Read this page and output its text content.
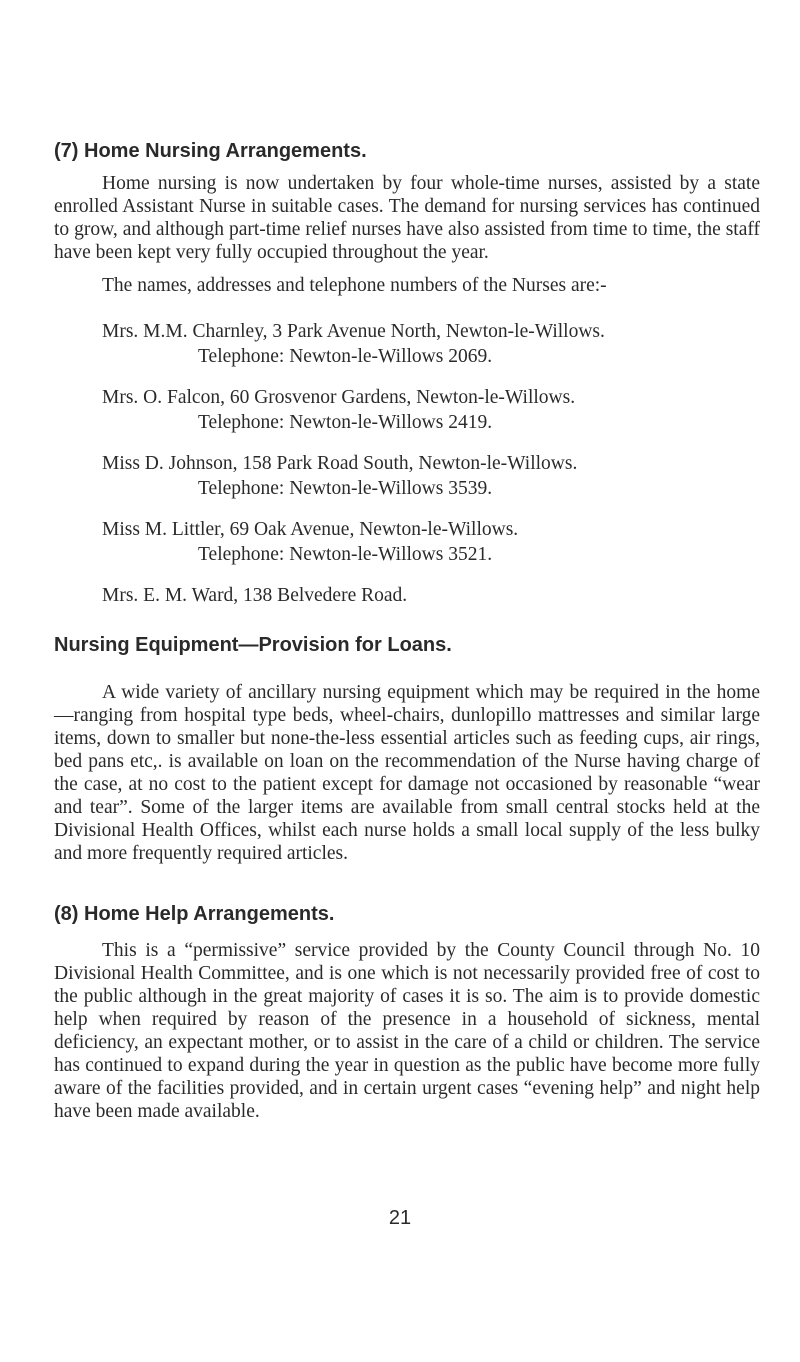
(7) Home Nursing Arrangements.

Home nursing is now undertaken by four whole-time nurses, assisted by a state enrolled Assistant Nurse in suitable cases. The demand for nursing services has continued to grow, and although part-time relief nurses have also assisted from time to time, the staff have been kept very fully occupied throughout the year.

The names, addresses and telephone numbers of the Nurses are:-

Mrs. M.M. Charnley, 3 Park Avenue North, Newton-le-Willows.

Telephone: Newton-le-Willows 2069.

Mrs. O. Falcon, 60 Grosvenor Gardens, Newton-le-Willows.

Telephone: Newton-le-Willows 2419.

Miss D. Johnson, 158 Park Road South, Newton-le-Willows.

Telephone: Newton-le-Willows 3539.

Miss M. Littler, 69 Oak Avenue, Newton-le-Willows.

Telephone: Newton-le-Willows 3521.

Mrs. E. M. Ward, 138 Belvedere Road.

Nursing Equipment—Provision for Loans.

A wide variety of ancillary nursing equipment which may be required in the home—ranging from hospital type beds, wheel-chairs, dunlopillo mattresses and similar large items, down to smaller but none-the-less essential articles such as feeding cups, air rings, bed pans etc,. is available on loan on the recommendation of the Nurse having charge of the case, at no cost to the patient except for damage not occasioned by reasonable “wear and tear”. Some of the larger items are available from small central stocks held at the Divisional Health Offices, whilst each nurse holds a small local supply of the less bulky and more frequently required articles.

(8) Home Help Arrangements.

This is a “permissive” service provided by the County Council through No. 10 Divisional Health Committee, and is one which is not necessarily provided free of cost to the public although in the great majority of cases it is so. The aim is to provide domestic help when required by reason of the presence in a household of sickness, mental deficiency, an expectant mother, or to assist in the care of a child or children. The service has continued to expand during the year in question as the public have become more fully aware of the facilities provided, and in certain urgent cases “evening help” and night help have been made available.

21
